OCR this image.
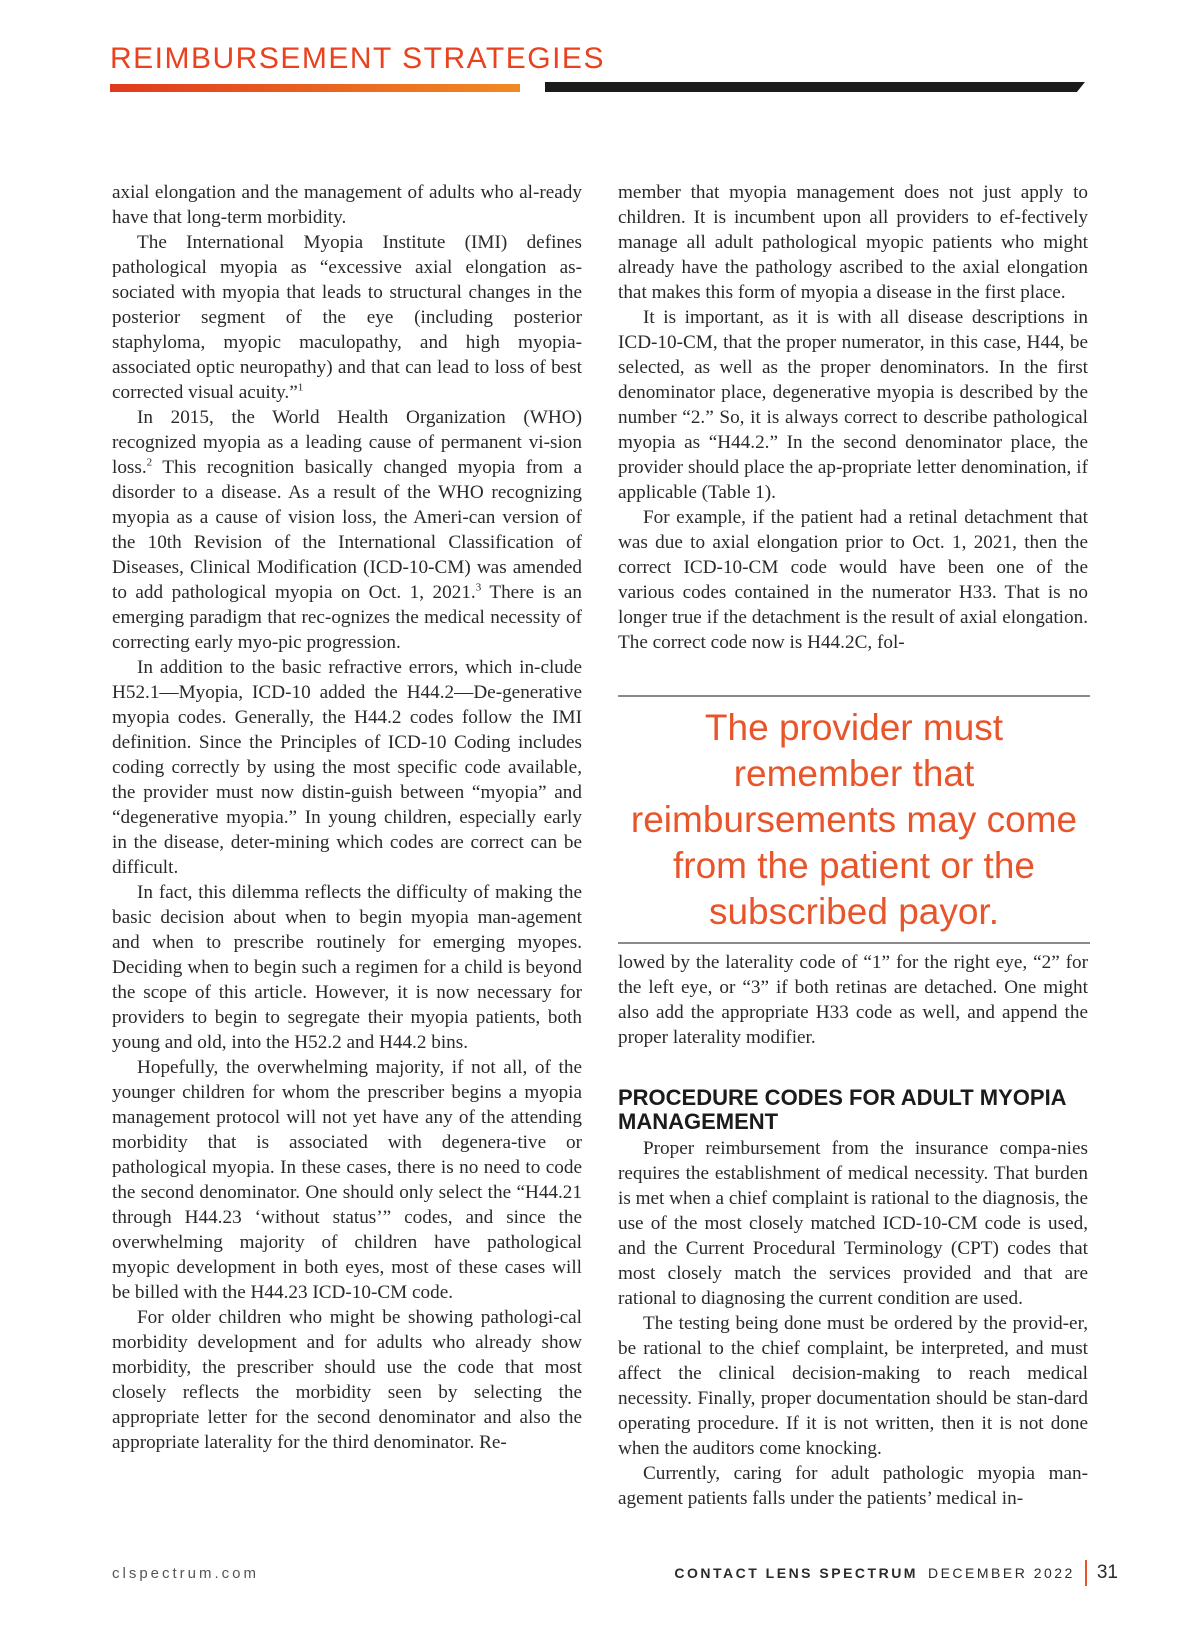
REIMBURSEMENT STRATEGIES

axial elongation and the management of adults who al-ready have that long-term morbidity.

The International Myopia Institute (IMI) defines pathological myopia as “excessive axial elongation as-sociated with myopia that leads to structural changes in the posterior segment of the eye (including posterior staphyloma, myopic maculopathy, and high myopia-associated optic neuropathy) and that can lead to loss of best corrected visual acuity.”$^1$

In 2015, the World Health Organization (WHO) recognized myopia as a leading cause of permanent vi-sion loss.$^2$ This recognition basically changed myopia from a disorder to a disease. As a result of the WHO recognizing myopia as a cause of vision loss, the Ameri-can version of the 10th Revision of the International Classification of Diseases, Clinical Modification (ICD-10-CM) was amended to add pathological myopia on Oct. 1, 2021.$^3$ There is an emerging paradigm that rec-ognizes the medical necessity of correcting early myo-pic progression.

In addition to the basic refractive errors, which in-clude H52.1—Myopia, ICD-10 added the H44.2—De-generative myopia codes. Generally, the H44.2 codes follow the IMI definition. Since the Principles of ICD-10 Coding includes coding correctly by using the most specific code available, the provider must now distin-guish between “myopia” and “degenerative myopia.” In young children, especially early in the disease, deter-mining which codes are correct can be difficult.

In fact, this dilemma reflects the difficulty of making the basic decision about when to begin myopia man-agement and when to prescribe routinely for emerging myopes. Deciding when to begin such a regimen for a child is beyond the scope of this article. However, it is now necessary for providers to begin to segregate their myopia patients, both young and old, into the H52.2 and H44.2 bins.

Hopefully, the overwhelming majority, if not all, of the younger children for whom the prescriber begins a myopia management protocol will not yet have any of the attending morbidity that is associated with degenera-tive or pathological myopia. In these cases, there is no need to code the second denominator. One should only select the “H44.21 through H44.23 ‘without status’” codes, and since the overwhelming majority of children have pathological myopic development in both eyes, most of these cases will be billed with the H44.23 ICD-10-CM code.

For older children who might be showing pathologi-cal morbidity development and for adults who already show morbidity, the prescriber should use the code that most closely reflects the morbidity seen by selecting the appropriate letter for the second denominator and also the appropriate laterality for the third denominator. Re-

member that myopia management does not just apply to children. It is incumbent upon all providers to ef-fectively manage all adult pathological myopic patients who might already have the pathology ascribed to the axial elongation that makes this form of myopia a disease in the first place.

It is important, as it is with all disease descriptions in ICD-10-CM, that the proper numerator, in this case, H44, be selected, as well as the proper denominators. In the first denominator place, degenerative myopia is described by the number “2.” So, it is always correct to describe pathological myopia as “H44.2.” In the second denominator place, the provider should place the ap-propriate letter denomination, if applicable (Table 1).

For example, if the patient had a retinal detachment that was due to axial elongation prior to Oct. 1, 2021, then the correct ICD-10-CM code would have been one of the various codes contained in the numerator H33. That is no longer true if the detachment is the result of axial elongation. The correct code now is H44.2C, fol-

The provider must remember that reimbursements may come from the patient or the subscribed payor.

lowed by the laterality code of “1” for the right eye, “2” for the left eye, or “3” if both retinas are detached. One might also add the appropriate H33 code as well, and append the proper laterality modifier.

PROCEDURE CODES FOR ADULT MYOPIA MANAGEMENT

Proper reimbursement from the insurance compa-nies requires the establishment of medical necessity. That burden is met when a chief complaint is rational to the diagnosis, the use of the most closely matched ICD-10-CM code is used, and the Current Procedural Terminology (CPT) codes that most closely match the services provided and that are rational to diagnosing the current condition are used.

The testing being done must be ordered by the provid-er, be rational to the chief complaint, be interpreted, and must affect the clinical decision-making to reach medical necessity. Finally, proper documentation should be stan-dard operating procedure. If it is not written, then it is not done when the auditors come knocking.

Currently, caring for adult pathologic myopia man-agement patients falls under the patients’ medical in-

clspectrum.com	CONTACT LENS SPECTRUM DECEMBER 2022 31
